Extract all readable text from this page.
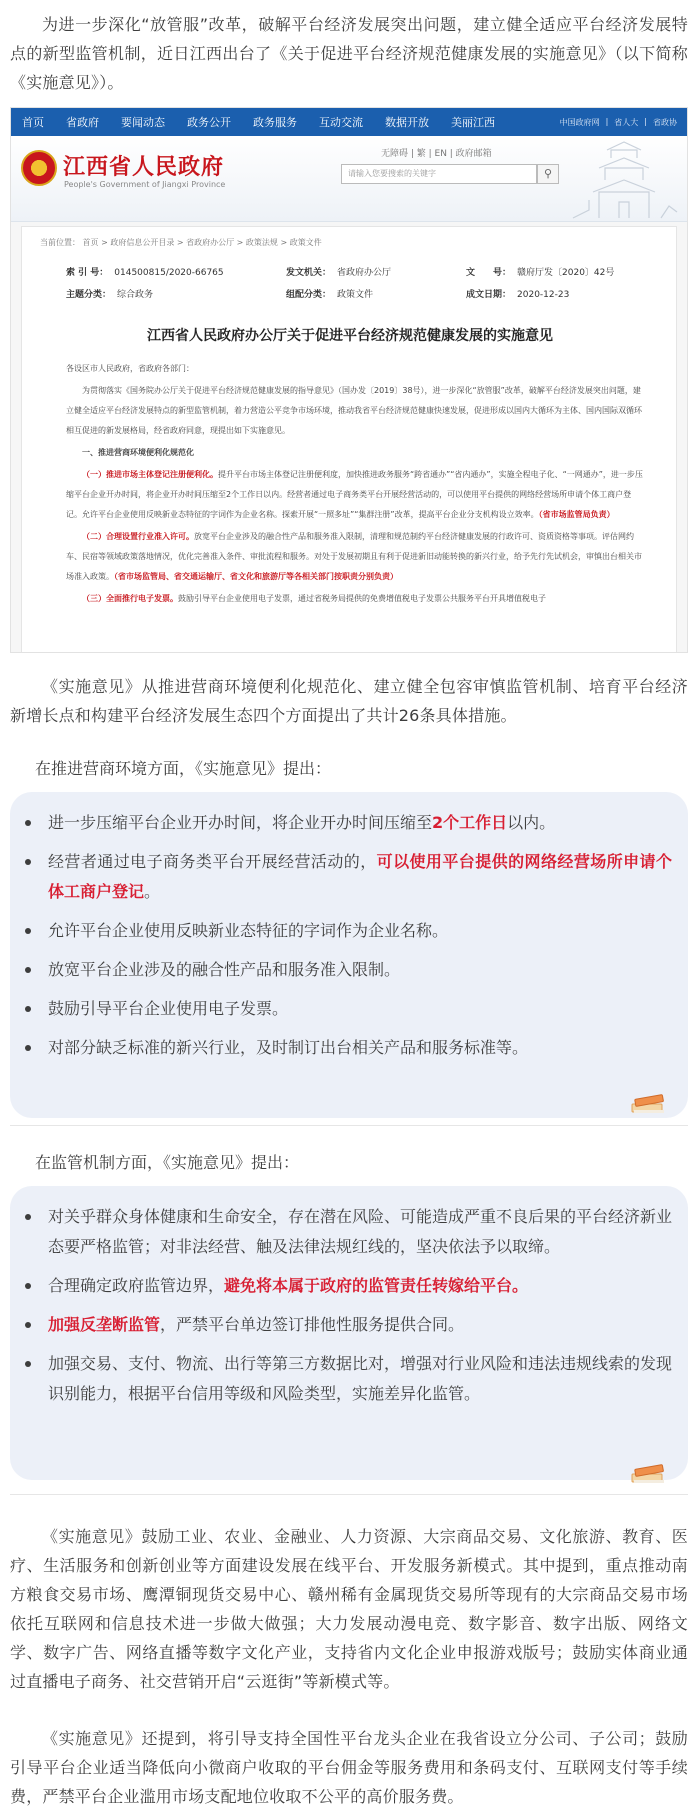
为进一步深化“放管服”改革，破解平台经济发展突出问题，建立健全适应平台经济发展特点的新型监管机制，近日江西出台了《关于促进平台经济规范健康发展的实施意见》（以下简称《实施意见》）。

首页	省政府	要闻动态	政务公开	政务服务	互动交流	数据开放	美丽江西	中国政府网 | 省人大 | 省政协
江西省人民政府
People's Government of Jiangxi Province
无障碍 | 繁 | EN | 政府邮箱
请输入您要搜索的关键字	⚲
当前位置： 首页 > 政府信息公开目录 > 省政府办公厅 > 政策法规 > 政策文件
索 引 号： 014500815/2020-66765	发文机关： 省政府办公厅	文　　号： 赣府厅发〔2020〕42号
主题分类： 综合政务	组配分类： 政策文件	成文日期： 2020-12-23
江西省人民政府办公厅关于促进平台经济规范健康发展的实施意见

各设区市人民政府，省政府各部门：

为贯彻落实《国务院办公厅关于促进平台经济规范健康发展的指导意见》（国办发〔2019〕38号），进一步深化“放管服”改革，破解平台经济发展突出问题，建立健全适应平台经济发展特点的新型监管机制，着力营造公平竞争市场环境，推动我省平台经济规范健康快速发展，促进形成以国内大循环为主体、国内国际双循环相互促进的新发展格局，经省政府同意，现提出如下实施意见。

一、推进营商环境便利化规范化

（一）推进市场主体登记注册便利化。提升平台市场主体登记注册便利度，加快推进政务服务“跨省通办”“省内通办”，实施全程电子化、“一网通办”，进一步压缩平台企业开办时间，将企业开办时间压缩至2个工作日以内。经营者通过电子商务类平台开展经营活动的，可以使用平台提供的网络经营场所申请个体工商户登记。允许平台企业使用反映新业态特征的字词作为企业名称。探索开展“一照多址”“集群注册”改革，提高平台企业分支机构设立效率。（省市场监管局负责）

（二）合理设置行业准入许可。放宽平台企业涉及的融合性产品和服务准入限制，清理和规范制约平台经济健康发展的行政许可、资质资格等事项。评估网约车、民宿等领域政策落地情况，优化完善准入条件、审批流程和服务。对处于发展初期且有利于促进新旧动能转换的新兴行业，给予先行先试机会，审慎出台相关市场准入政策。（省市场监管局、省交通运输厅、省文化和旅游厅等各相关部门按职责分别负责）

（三）全面推行电子发票。鼓励引导平台企业使用电子发票，通过省税务局提供的免费增值税电子发票公共服务平台开具增值税电子

《实施意见》从推进营商环境便利化规范化、建立健全包容审慎监管机制、培育平台经济新增长点和构建平台经济发展生态四个方面提出了共计26条具体措施。

在推进营商环境方面，《实施意见》提出：
进一步压缩平台企业开办时间，将企业开办时间压缩至2个工作日以内。
经营者通过电子商务类平台开展经营活动的，可以使用平台提供的网络经营场所申请个体工商户登记。
允许平台企业使用反映新业态特征的字词作为企业名称。
放宽平台企业涉及的融合性产品和服务准入限制。
鼓励引导平台企业使用电子发票。
对部分缺乏标准的新兴行业，及时制订出台相关产品和服务标准等。
在监管机制方面，《实施意见》提出：
对关乎群众身体健康和生命安全，存在潜在风险、可能造成严重不良后果的平台经济新业态要严格监管；对非法经营、触及法律法规红线的，坚决依法予以取缔。
合理确定政府监管边界，避免将本属于政府的监管责任转嫁给平台。
加强反垄断监管，严禁平台单边签订排他性服务提供合同。
加强交易、支付、物流、出行等第三方数据比对，增强对行业风险和违法违规线索的发现识别能力，根据平台信用等级和风险类型，实施差异化监管。

《实施意见》鼓励工业、农业、金融业、人力资源、大宗商品交易、文化旅游、教育、医疗、生活服务和创新创业等方面建设发展在线平台、开发服务新模式。其中提到，重点推动南方粮食交易市场、鹰潭铜现货交易中心、赣州稀有金属现货交易所等现有的大宗商品交易市场依托互联网和信息技术进一步做大做强；大力发展动漫电竞、数字影音、数字出版、网络文学、数字广告、网络直播等数字文化产业，支持省内文化企业申报游戏版号；鼓励实体商业通过直播电子商务、社交营销开启“云逛街”等新模式等。

《实施意见》还提到，将引导支持全国性平台龙头企业在我省设立分公司、子公司；鼓励引导平台企业适当降低向小微商户收取的平台佣金等服务费用和条码支付、互联网支付等手续费，严禁平台企业滥用市场支配地位收取不公平的高价服务费。
